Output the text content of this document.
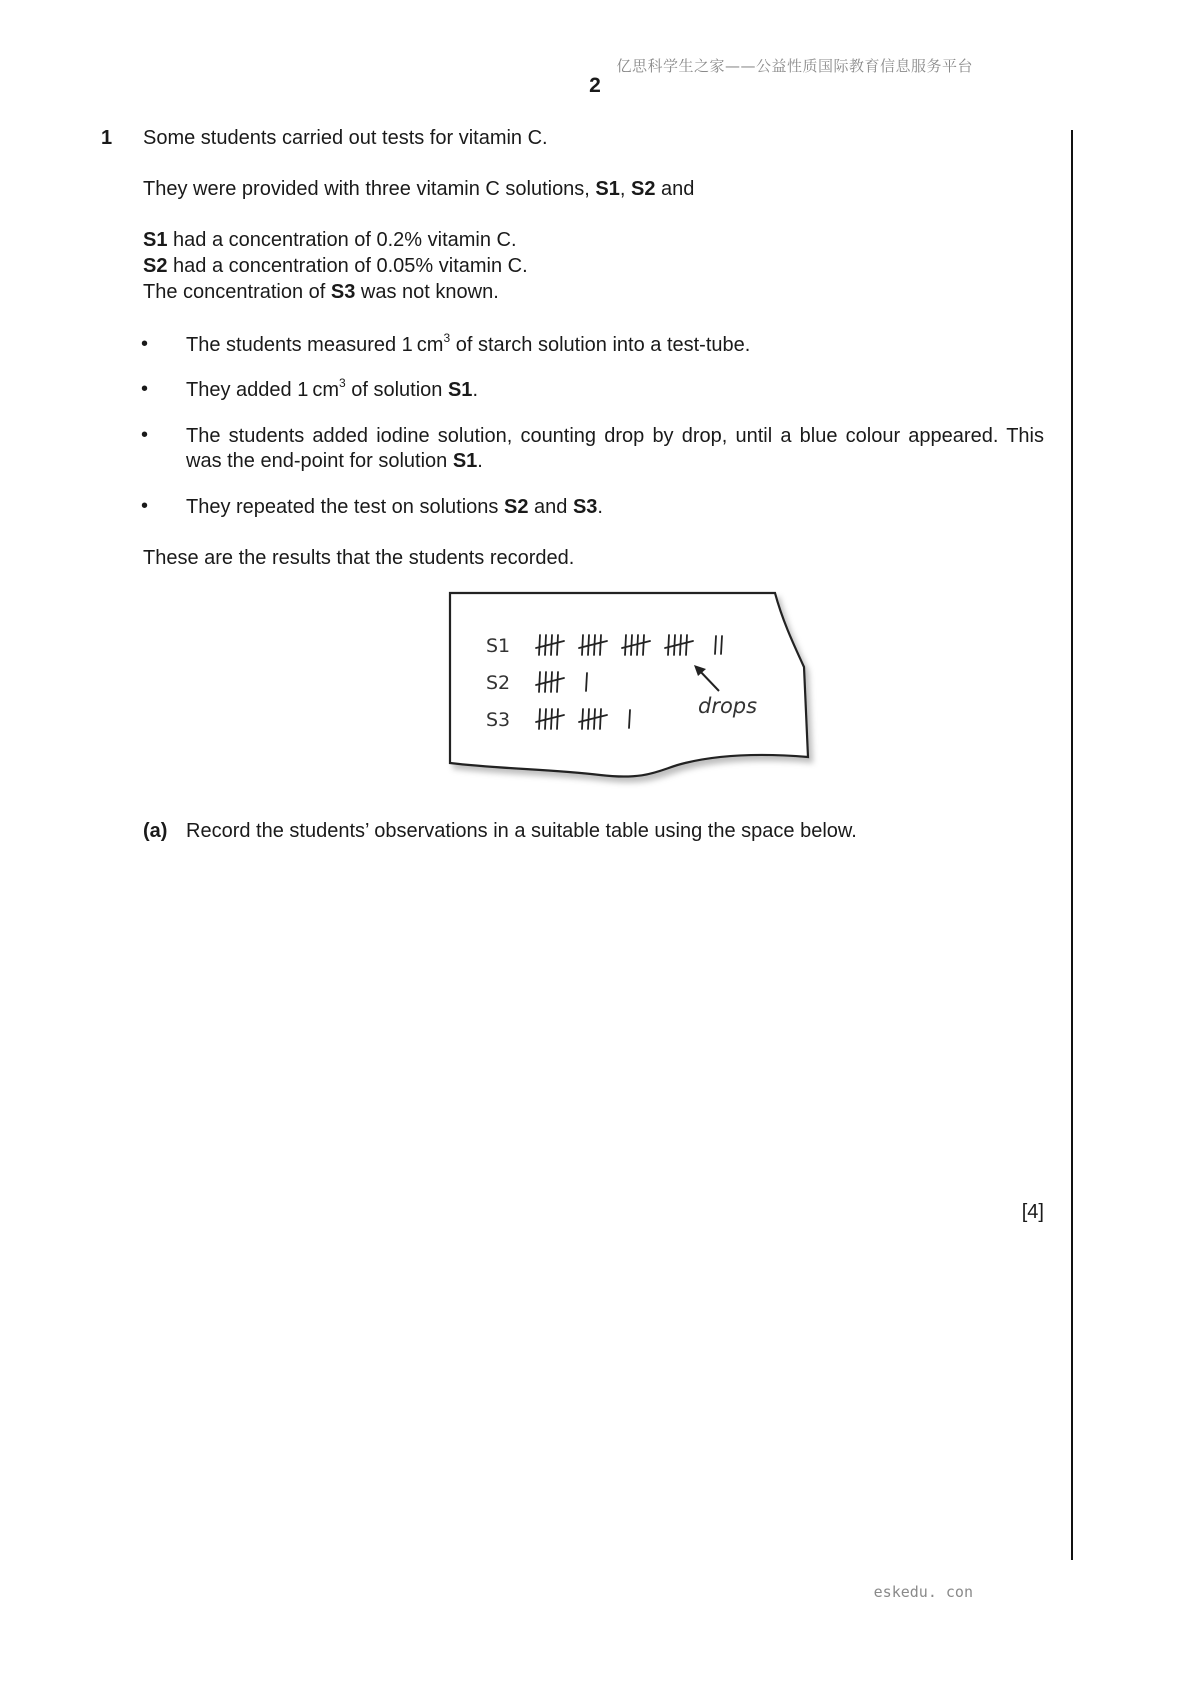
亿思科学生之家——公益性质国际教育信息服务平台
2
1 Some students carried out tests for vitamin C.
They were provided with three vitamin C solutions, S1, S2 and
S1 had a concentration of 0.2% vitamin C.
S2 had a concentration of 0.05% vitamin C.
The concentration of S3 was not known.
• The students measured 1 $cm^3$ of starch solution into a test-tube.
• They added 1 $cm^3$ of solution S1.
• The students added iodine solution, counting drop by drop, until a blue colour appeared. This was the end-point for solution S1.
• They repeated the test on solutions S2 and S3.
These are the results that the students recorded.
S1
S2
S3
drops
(a) Record the students’ observations in a suitable table using the space below.
[4]
eskedu. con
